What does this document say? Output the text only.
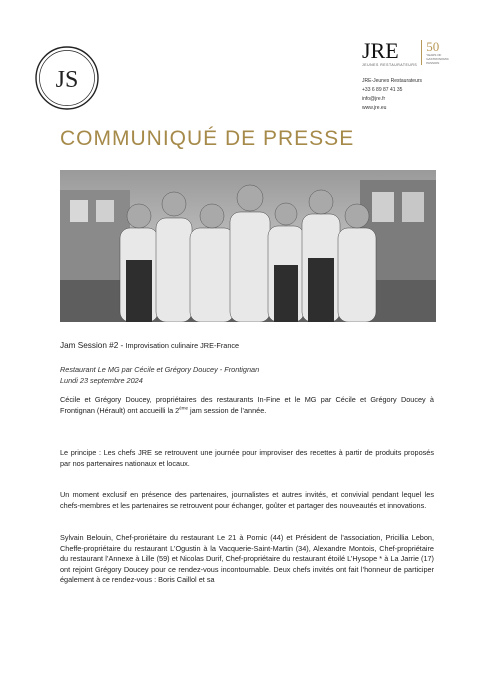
JS
JRE
JEUNES RESTAURATEURS
50
YEARS OF GASTRONOMIC PASSION
JRE-Jeunes Restaurateurs
+33 6 89 87 41 35
info@jre.fr
www.jre.eu
COMMUNIQUÉ DE PRESSE
Jam Session #2 - Improvisation culinaire JRE-France
Restaurant Le MG par Cécile et Grégory Doucey - Frontignan
Lundi 23 septembre 2024
Cécile et Grégory Doucey, propriétaires des restaurants In-Fine et le MG par Cécile et Grégory Doucey à Frontignan (Hérault) ont accueilli la 2ème jam session de l’année.
Le principe : Les chefs JRE se retrouvent une journée pour improviser des recettes à partir de produits proposés par nos partenaires nationaux et locaux.
Un moment exclusif en présence des partenaires, journalistes et autres invités, et convivial pendant lequel les chefs-membres et les partenaires se retrouvent pour échanger, goûter et partager des nouveautés et innovations.
Sylvain Belouin, Chef-proriétaire du restaurant Le 21 à Pornic (44) et Président de l’association, Pricillia Lebon, Cheffe-propriétaire du restaurant L’Ogustin à la Vacquerie-Saint-Martin (34), Alexandre Montois, Chef-propriétaire du restaurant l’Annexe à Lille (59) et Nicolas Durif, Chef-propriétaire du restaurant étoilé L’Hysope * à La Jarrie (17) ont rejoint Grégory Doucey pour ce rendez-vous incontournable. Deux chefs invités ont fait l’honneur de participer également à ce rendez-vous : Boris Caillol et sa
